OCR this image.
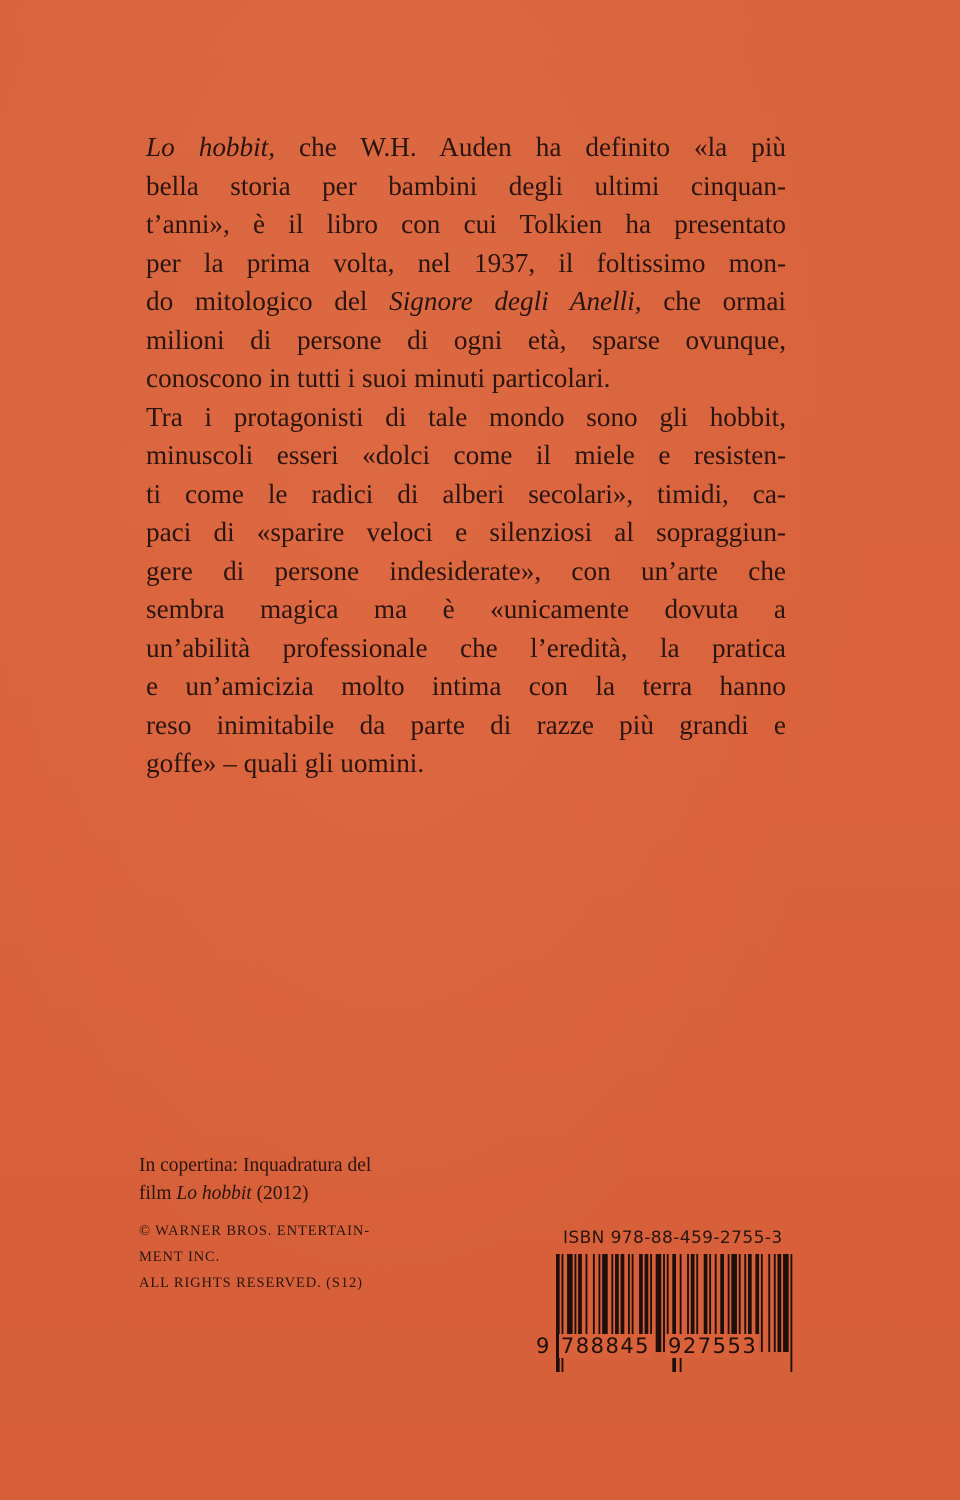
Lo hobbit, che W.H. Auden ha definito «la più
bella storia per bambini degli ultimi cinquan-
t’anni», è il libro con cui Tolkien ha presentato
per la prima volta, nel 1937, il foltissimo mon-
do mitologico del Signore degli Anelli, che ormai
milioni di persone di ogni età, sparse ovunque,
conoscono in tutti i suoi minuti particolari.
Tra i protagonisti di tale mondo sono gli hobbit,
minuscoli esseri «dolci come il miele e resisten-
ti come le radici di alberi secolari», timidi, ca-
paci di «sparire veloci e silenziosi al sopraggiun-
gere di persone indesiderate», con un’arte che
sembra magica ma è «unicamente dovuta a
un’abilità professionale che l’eredità, la pratica
e un’amicizia molto intima con la terra hanno
reso inimitabile da parte di razze più grandi e
goffe» – quali gli uomini.
In copertina: Inquadratura del
film Lo hobbit (2012)
© WARNER BROS. ENTERTAIN-
MENT INC.
ALL RIGHTS RESERVED. (S12)
ISBN 978-88-459-2755-3
9 788845 927553
